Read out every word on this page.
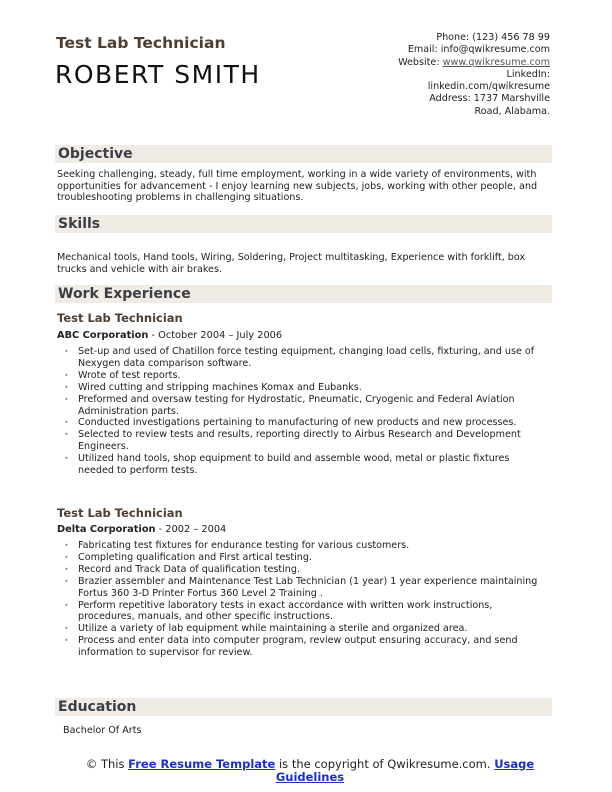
Test Lab Technician
ROBERT SMITH
Phone: (123) 456 78 99
Email: info@qwikresume.com
Website: www.qwikresume.com
LinkedIn:
linkedin.com/qwikresume
Address: 1737 Marshville Road, Alabama.
Objective
Seeking challenging, steady, full time employment, working in a wide variety of environments, with opportunities for advancement - I enjoy learning new subjects, jobs, working with other people, and troubleshooting problems in challenging situations.
Skills
Mechanical tools, Hand tools, Wiring, Soldering, Project multitasking, Experience with forklift, box trucks and vehicle with air brakes.
Work Experience
Test Lab Technician
ABC Corporation - October 2004 – July 2006
• Set-up and used of Chatillon force testing equipment, changing load cells, fixturing, and use of Nexygen data comparison software.
• Wrote of test reports.
• Wired cutting and stripping machines Komax and Eubanks.
• Preformed and oversaw testing for Hydrostatic, Pneumatic, Cryogenic and Federal Aviation Administration parts.
• Conducted investigations pertaining to manufacturing of new products and new processes.
• Selected to review tests and results, reporting directly to Airbus Research and Development Engineers.
• Utilized hand tools, shop equipment to build and assemble wood, metal or plastic fixtures needed to perform tests.
Test Lab Technician
Delta Corporation - 2002 – 2004
• Fabricating test fixtures for endurance testing for various customers.
• Completing qualification and First artical testing.
• Record and Track Data of qualification testing.
• Brazier assembler and Maintenance Test Lab Technician (1 year) 1 year experience maintaining Fortus 360 3-D Printer Fortus 360 Level 2 Training .
• Perform repetitive laboratory tests in exact accordance with written work instructions, procedures, manuals, and other specific instructions.
• Utilize a variety of lab equipment while maintaining a sterile and organized area.
• Process and enter data into computer program, review output ensuring accuracy, and send information to supervisor for review.
Education
Bachelor Of Arts
© This Free Resume Template is the copyright of Qwikresume.com. Usage Guidelines
